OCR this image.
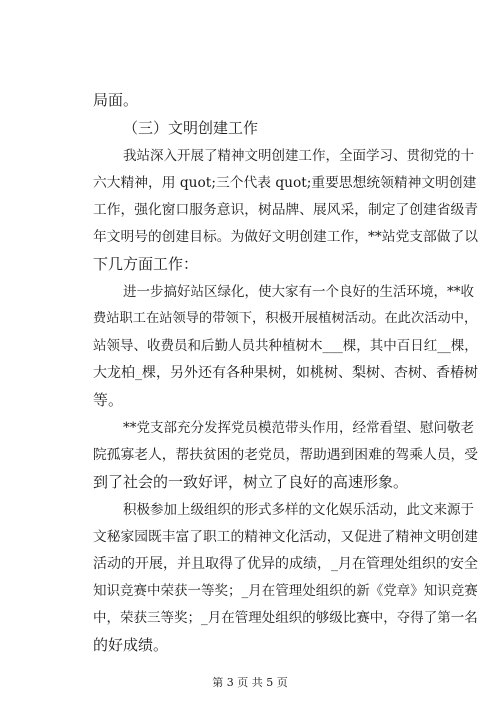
局面。

（三）文明创建工作

我站深入开展了精神文明创建工作，全面学习、贯彻党的十

六大精神，用 quot;三个代表 quot;重要思想统领精神文明创建

工作，强化窗口服务意识，树品牌、展风采，制定了创建省级青

年文明号的创建目标。为做好文明创建工作，**站党支部做了以

下几方面工作：

进一步搞好站区绿化，使大家有一个良好的生活环境，**收

费站职工在站领导的带领下，积极开展植树活动。在此次活动中，

站领导、收费员和后勤人员共种植树木___棵，其中百日红__棵，

大龙柏_棵，另外还有各种果树，如桃树、梨树、杏树、香椿树

等。

**党支部充分发挥党员模范带头作用，经常看望、慰问敬老

院孤寡老人，帮扶贫困的老党员，帮助遇到困难的驾乘人员，受

到了社会的一致好评，树立了良好的高速形象。

积极参加上级组织的形式多样的文化娱乐活动，此文来源于

文秘家园既丰富了职工的精神文化活动，又促进了精神文明创建

活动的开展，并且取得了优异的成绩，_月在管理处组织的安全

知识竞赛中荣获一等奖；_月在管理处组织的新《党章》知识竞赛

中，荣获三等奖；_月在管理处组织的够级比赛中，夺得了第一名

的好成绩。

第 3 页 共 5 页
